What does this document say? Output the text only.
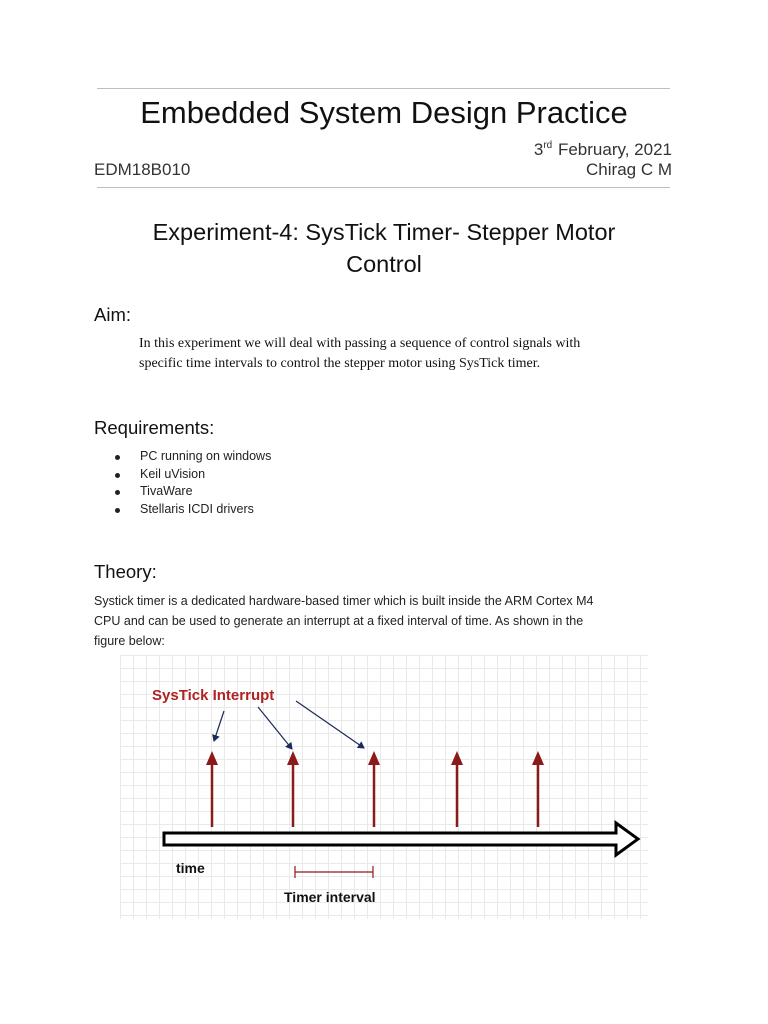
Embedded System Design Practice
3rd February, 2021
EDM18B010	Chirag C M
Experiment-4: SysTick Timer- Stepper Motor
Control
Aim:
In this experiment we will deal with passing a sequence of control signals with
specific time intervals to control the stepper motor using SysTick timer.
Requirements:
PC running on windows
Keil uVision
TivaWare
Stellaris ICDI drivers
Theory:
Systick timer is a dedicated hardware-based timer which is built inside the ARM Cortex M4
CPU and can be used to generate an interrupt at a fixed interval of time. As shown in the
figure below:
SysTick Interrupt
time
Timer interval
